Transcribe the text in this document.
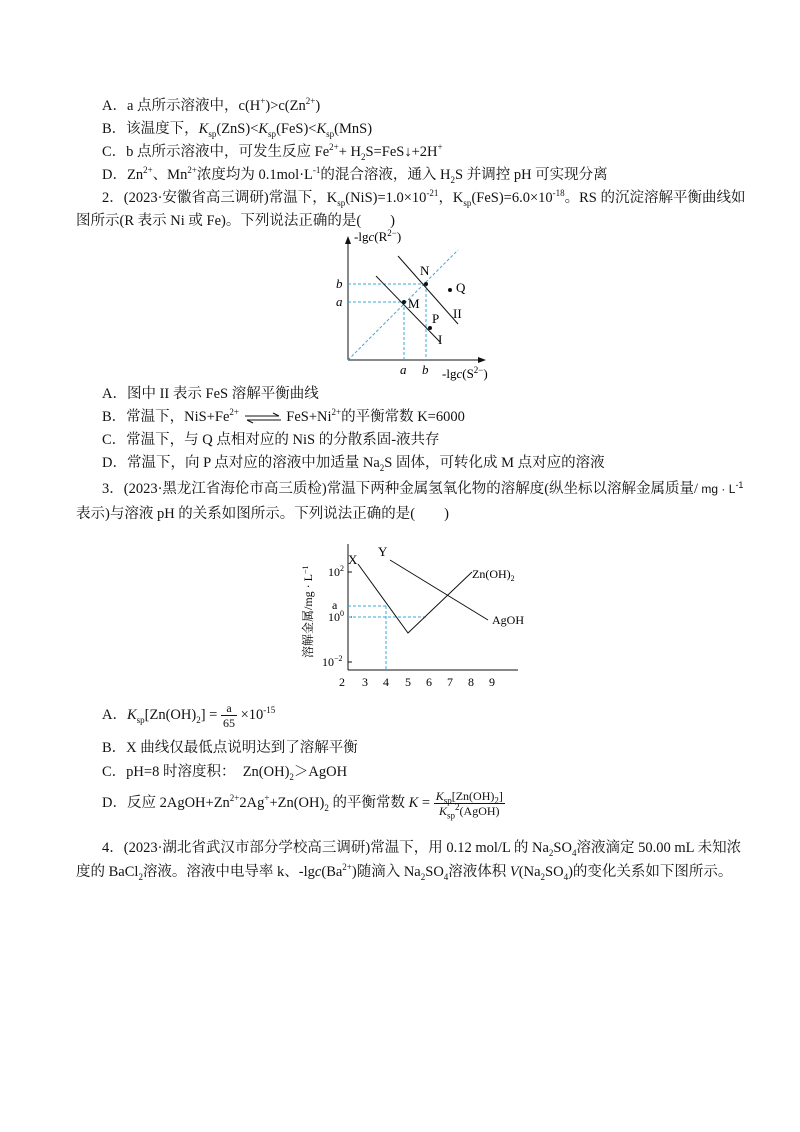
A．a 点所示溶液中，$c(H^+)>c(Zn^{2+})$
B．该温度下，$K_{sp}(ZnS)<K_{sp}(FeS)<K_{sp}(MnS)$
C．b 点所示溶液中，可发生反应 $Fe^{2+}+$ $H_2S=FeS↓+2H^+$
D．$Zn^{2+}$、$Mn^{2+}$浓度均为 $0.1mol\cdot L^{-1}$的混合溶液，通入 $H_2S$ 并调控 pH 可实现分离
2．(2023·安徽省高三调研)常温下，$K_{sp}(NiS)=1.0\times 10^{-21}$，$K_{sp}(FeS)=6.0\times 10^{-18}$。RS 的沉淀溶解平衡曲线如
图所示(R 表示 Ni 或 Fe)。下列说法正确的是(　　)
M
N
P
Q
II
I
$-\lg c(R^{2-})$
$-\lg c(S^{2-})$
b
a
a b
A．图中 II 表示 FeS 溶解平衡曲线
B．常温下，$NiS+Fe^{2+}$ ⇌ $FeS+Ni^{2+}$的平衡常数 K=6000
C．常温下，与 Q 点相对应的 NiS 的分散系固-液共存
D．常温下，向 P 点对应的溶液中加适量 $Na_2S$ 固体，可转化成 M 点对应的溶液
3．(2023·黑龙江省海伦市高三质检)常温下两种金属氢氧化物的溶解度(纵坐标以溶解金属质量/ mg · $L^{-1}$
表示)与溶液 pH 的关系如图所示。下列说法正确的是(　　)
X
Y
$Zn(OH)_2$
AgOH
$10^2$
a
$10^0$
$10^{-2}$
溶解金属$/mg \cdot L^{-1}$
2 3 4 5 6 7 8 9
A．$K_{sp}[Zn(OH)_2] = \frac{a}{65} \times 10^{-15}$
B．X 曲线仅最低点说明达到了溶解平衡
C．pH=8 时溶度积：  $Zn(OH)_2>AgOH$
D．反应 $2AgOH+Zn^{2+}2Ag^++Zn(OH)_2$ 的平衡常数 $K = \frac{K_{sp}[Zn(OH)_2]}{K_{sp}^2(AgOH)}$
4．(2023·湖北省武汉市部分学校高三调研)常温下，用 0.12 mol/L 的 $Na_2SO_4$溶液滴定 50.00 mL 未知浓
度的 BaCl$_2$溶液。溶液中电导率 k、$-\lg c(Ba^{2+})$随滴入 $Na_2SO_4$溶液体积 $V(Na_2SO_4)$的变化关系如下图所示。
